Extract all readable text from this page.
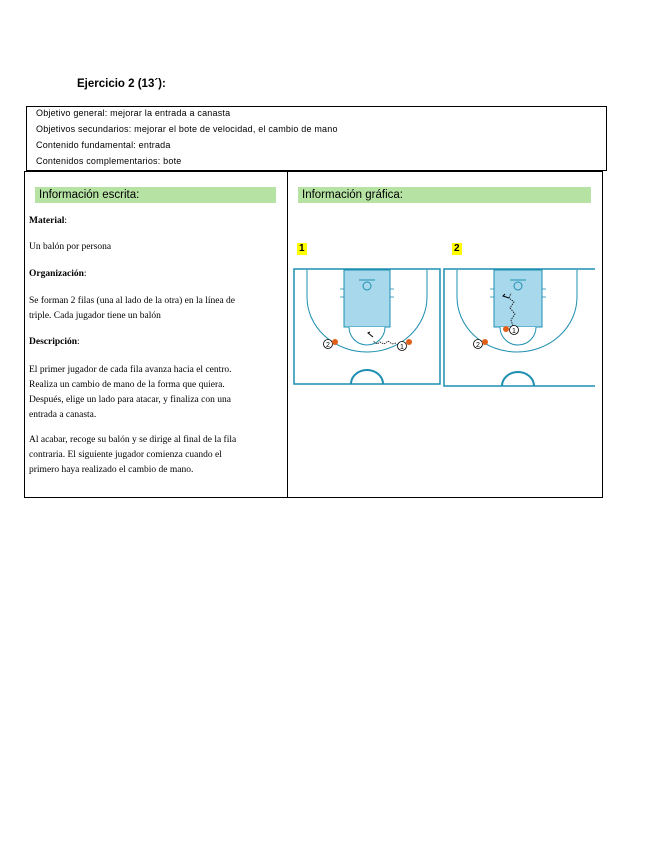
Ejercicio 2 (13´):
Objetivo general: mejorar la entrada a canasta
Objetivos secundarios: mejorar el bote de velocidad, el cambio de mano
Contenido fundamental: entrada
Contenidos complementarios: bote
Información escrita:
Material:
Un balón por persona
Organización:
Se forman 2 filas (una al lado de la otra) en la línea de
triple. Cada jugador tiene un balón
Descripción:
El primer jugador de cada fila avanza hacia el centro.
Realiza un cambio de mano de la forma que quiera.
Después, elige un lado para atacar, y finaliza con una
entrada a canasta.
Al acabar, recoge su balón y se dirige al final de la fila
contraria. El siguiente jugador comienza cuando el
primero haya realizado el cambio de mano.
Información gráfica:
1	2
2	1	2
1
